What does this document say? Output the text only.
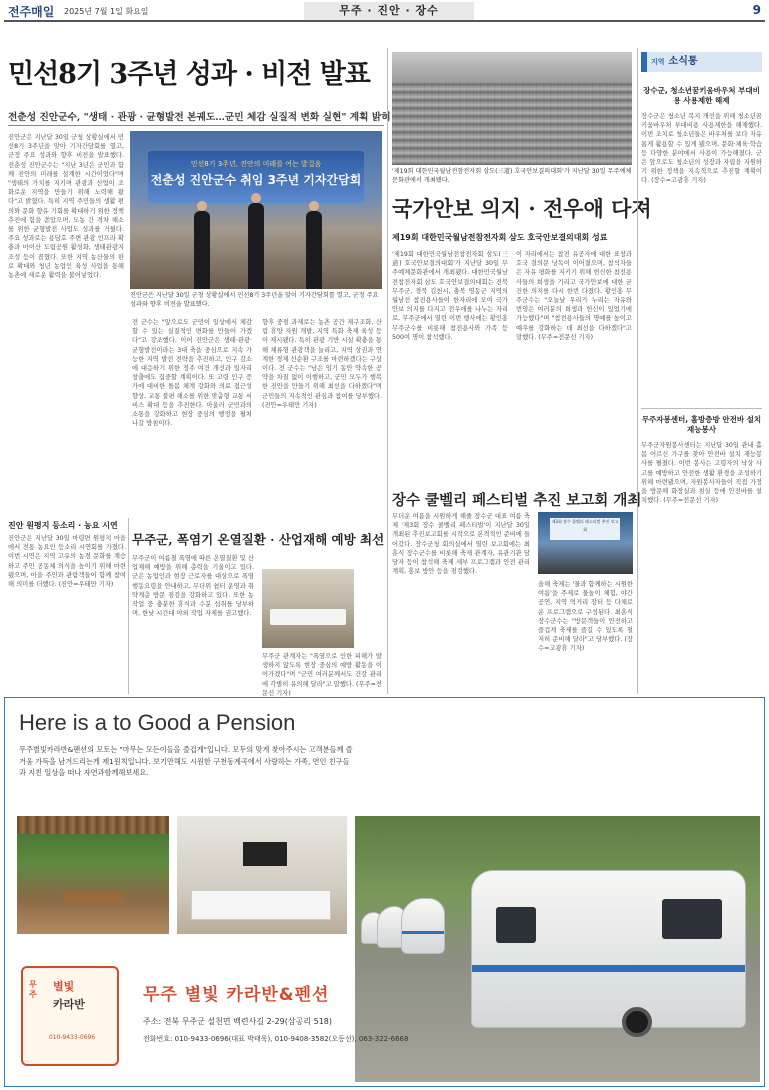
전주매일 2025년 7월 1일 화요일	무주 · 진안 · 장수	9
민선8기 3주년 성과 · 비전 발표
전춘성 진안군수, "생태 · 관광 · 균형발전 본궤도…군민 체감 실질적 변화 실현" 계획 밝혀
진안군은 지난달 30일 군청 상황실에서 민선8기 3주년을 맞아 기자간담회를 열고, 군정 주요 성과와 향후 비전을 발표했다. 전춘성 진안군수는 "지난 3년은 군민과 함께 진안의 미래를 설계한 시간이었다"며 "생태의 가치를 지키며 관광과 산업이 조화로운 지역을 만들기 위해 노력해 왔다"고 밝혔다. 특히 지역 주민들의 생활 편의와 문화 향유 기회를 확대하기 위한 정책 추진에 힘을 쏟았으며, 도농 간 격차 해소를 위한 균형발전 사업도 성과를 거뒀다. 주요 성과로는 용담호 주변 관광 인프라 확충과 마이산 도립공원 활성화, 생태관광지 조성 등이 꼽혔다. 또한 지역 농산물의 판로 확대와 청년 농업인 육성 사업을 통해 농촌에 새로운 활력을 불어넣었다.
민선8기 3주년, 진안의 미래를 여는 발걸음
전춘성 진안군수 취임 3주년 기자간담회
진안군은 지난달 30일 군청 상황실에서 민선8기 3주년을 맞이 기자간담회를 열고, 군정 주요 성과와 향후 비전을 발표했다.
전 군수는 "앞으로도 군민이 일상에서 체감할 수 있는 실질적인 변화를 만들어 가겠다"고 강조했다. 이어 진안군은 생태·관광·균형발전이라는 3대 축을 중심으로 지속 가능한 지역 발전 전략을 추진하고, 인구 감소에 대응하기 위한 정주 여건 개선과 일자리 창출에도 집중할 계획이다. 또 고령 인구 증가에 대비한 돌봄 체계 강화와 의료 접근성 향상, 교통 불편 해소를 위한 맞춤형 교통 서비스 확대 등을 추진한다. 아울러 군민과의 소통을 강화하고 현장 중심의 행정을 펼쳐 나갈 방침이다.
향후 중점 과제로는 농촌 공간 재구조화, 산림 휴양 자원 개발, 지역 특화 축제 육성 등이 제시됐다. 특히 관광 기반 시설 확충을 통해 체류형 관광객을 늘리고, 지역 상권과 연계한 경제 선순환 구조를 마련하겠다는 구상이다. 전 군수는 "남은 임기 동안 약속한 공약을 차질 없이 이행하고, 군민 모두가 행복한 진안을 만들기 위해 최선을 다하겠다"며 군민들의 지속적인 관심과 참여를 당부했다. (진안=우태만 기자)
'제19회 대한민국월남전참전자회 삼도(三道) 호국안보결의대회'가 지난달 30일 무주예체문화관에서 개최됐다.
국가안보 의지 · 전우애 다져
제19회 대한민국월남전참전자회 삼도 호국안보결의대회 성료
'제19회 대한민국월남전참전자회 삼도(三道) 호국안보결의대회'가 지난달 30일 무주예체문화관에서 개최됐다. 대한민국월남전참전자회 삼도 호국안보결의대회는 전북 무주군, 경북 김천시, 충북 영동군 지역의 월남전 참전용사들이 한자리에 모여 국가안보 의지를 다지고 전우애를 나누는 자리로, 무주군에서 열린 이번 행사에는 황인홍 무주군수를 비롯해 참전용사와 가족 등 500여 명이 참석했다.
이 자리에서는 참전 유공자에 대한 표창과 호국 결의문 낭독이 이어졌으며, 참석자들은 자유 평화를 지키기 위해 헌신한 참전용사들의 희생을 기리고 국가안보에 대한 굳건한 의지를 다시 한번 다졌다. 황인홍 무주군수는 "오늘날 우리가 누리는 자유와 번영은 여러분의 희생과 헌신이 있었기에 가능했다"며 "참전용사들의 명예를 높이고 예우를 강화하는 데 최선을 다하겠다"고 말했다. (무주=전문선 기자)
장수 쿨벨리 페스티벌 추진 보고회 개최
무더운 여름을 시원하게 해줄 장수군 대표 여름 축제 '제3회 장수 쿨벨리 페스티벌'이 지난달 30일 개최된 추진보고회를 시작으로 본격적인 준비에 들어갔다. 장수군청 회의실에서 열린 보고회에는 최훈식 장수군수를 비롯해 축제 관계자, 유관기관 담당자 등이 참석해 축제 세부 프로그램과 안전 관리 계획, 홍보 방안 등을 점검했다.
제3회 장수 쿨벨리 페스티벌 추진 보고회
올해 축제는 '물과 함께하는 시원한 여름'을 주제로 물놀이 체험, 야간 공연, 지역 먹거리 장터 등 다채로운 프로그램으로 구성된다. 최훈식 장수군수는 "방문객들이 안전하고 즐겁게 축제를 즐길 수 있도록 철저히 준비해 달라"고 당부했다. (장수=고광휴 기자)
무주군, 폭염기 온열질환 · 산업재해 예방 최선
무주군이 여름철 폭염에 따른 온열질환 및 산업재해 예방을 위해 총력을 기울이고 있다. 군은 농업인과 현장 근로자를 대상으로 폭염 행동요령을 안내하고, 무더위 쉼터 운영과 취약계층 방문 점검을 강화하고 있다. 또한 농작업 중 충분한 휴식과 수분 섭취를 당부하며, 한낮 시간대 야외 작업 자제를 권고했다.
무주군 관계자는 "폭염으로 인한 피해가 발생하지 않도록 현장 중심의 예방 활동을 이어가겠다"며 "군민 여러분께서도 건강 관리에 각별히 유의해 달라"고 말했다. (무주=전문선 기자)
진안 원평지 등소리 · 농요 시연
진안군은 지난달 30일 마령면 원평지 마을에서 전통 농요인 등소리 시연회를 가졌다. 이번 시연은 지역 고유의 농경 문화를 계승하고 주민 공동체 의식을 높이기 위해 마련됐으며, 마을 주민과 관람객들이 함께 참여해 의미를 더했다. (진안=우태만 기자)
지역 소식통
장수군, 청소년꿈키움바우처 부대비용 사용제한 해제
장수군은 청소년 복지 개선을 위해 청소년꿈키움바우처 부대비용 사용제한을 해제했다. 이번 조치로 청소년들은 바우처를 보다 자유롭게 활용할 수 있게 됐으며, 문화·체육·학습 등 다양한 분야에서 사용이 가능해졌다. 군은 앞으로도 청소년의 성장과 자립을 지원하기 위한 정책을 지속적으로 추진할 계획이다. (장수=고광휴 기자)
무주자봉센터, 홀방층방 안전바 설치 재능봉사
무주군자원봉사센터는 지난달 30일 관내 홀몸 어르신 가구를 찾아 안전바 설치 재능봉사를 펼쳤다. 이번 봉사는 고령자의 낙상 사고를 예방하고 안전한 생활 환경을 조성하기 위해 마련됐으며, 자원봉사자들이 직접 가정을 방문해 화장실과 침실 등에 안전바를 설치했다. (무주=전문선 기자)
Here is a to Good a Pension
무주별빛카라반&펜션의 모토는 "마무는 모든이들을 즐겁게"입니다. 모두의 맞게 찾아주시는 고객분들께 즐거움 가득을 남겨드리는게 제1원칙입니다. 보기만해도 시원한 구천동계곡에서 사랑하는 가족, 연인 친구들과 지친 일상을 떠나 자연과함께해보세요.
무주
별빛
카라반
010-9433-0696
무주 별빛 카라반&펜션
주소: 전북 무주군 설천면 백련사길 2-29(삼공리 518)
전화번호: 010-9433-0696(대표 박태욱), 010-9408-3582(오동선), 063-322-6668
